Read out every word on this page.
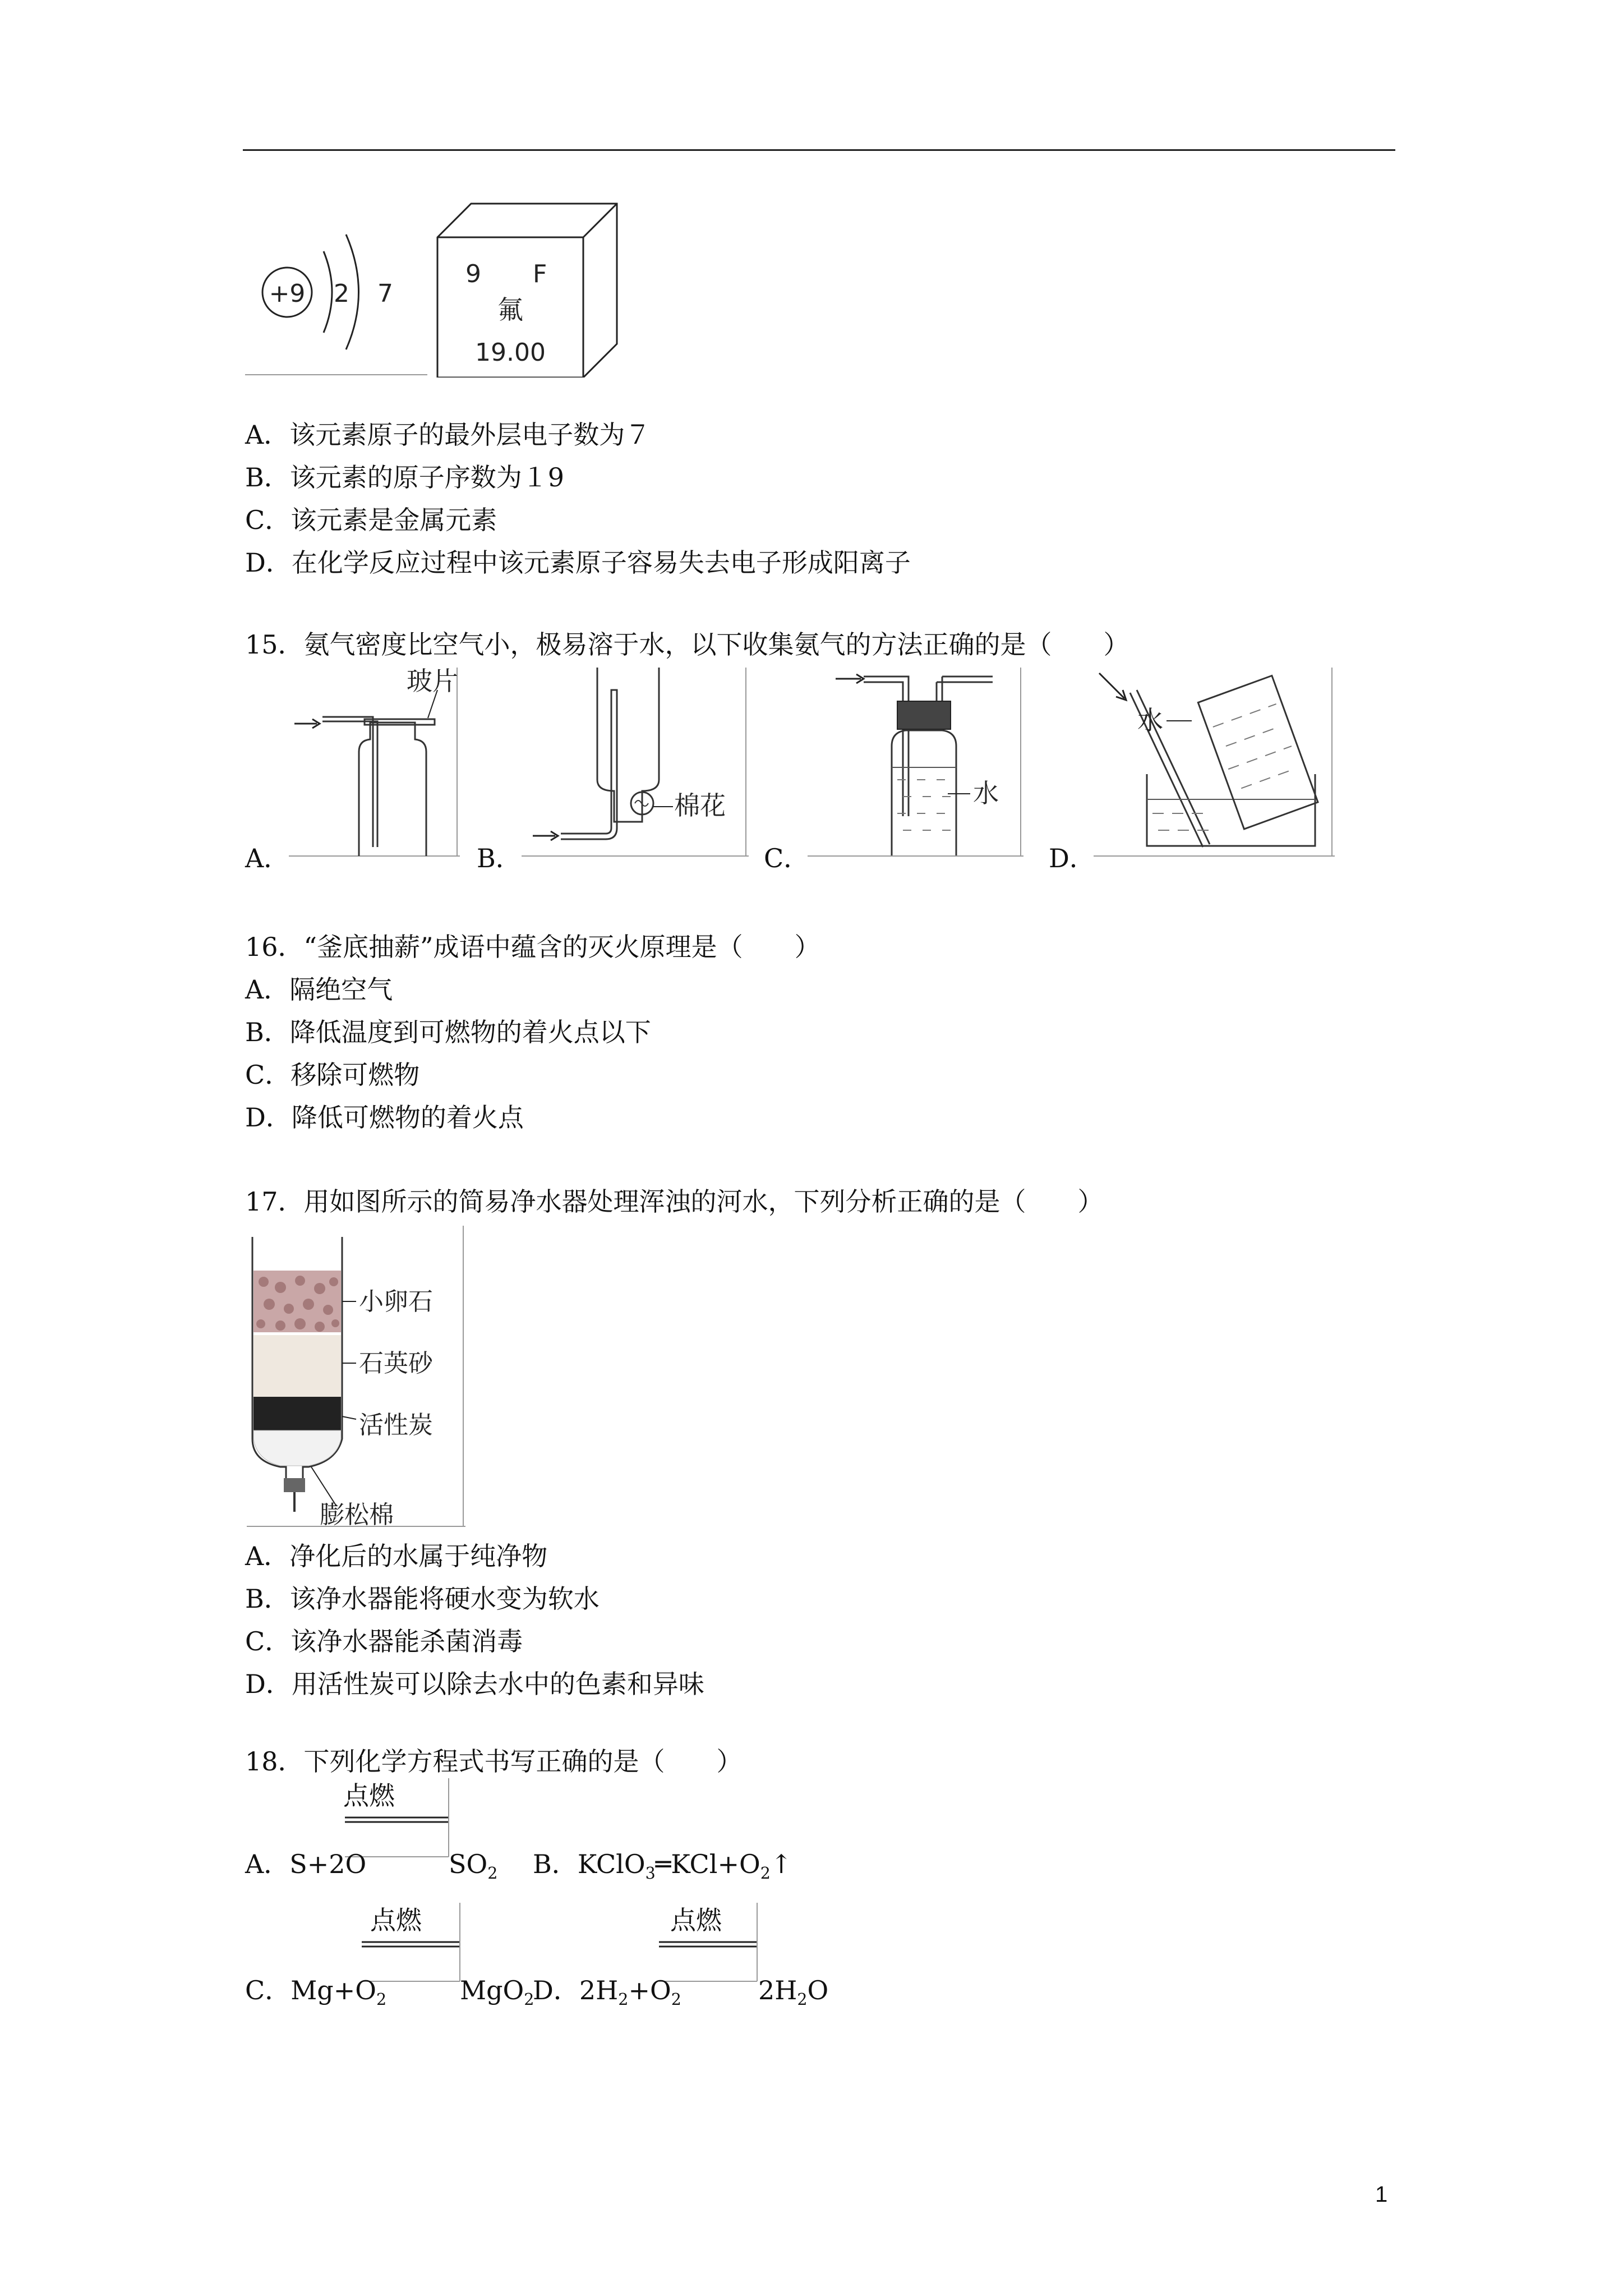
+9 2 7
9 F
氟
19.00
A．该元素原子的最外层电子数为７
B．该元素的原子序数为１9
C．该元素是金属元素
D．在化学反应过程中该元素原子容易失去电子形成阳离子
15．氨气密度比空气小，极易溶于水，以下收集氨气的方法正确的是（　　）
A．
玻片
B．
棉花
C．
水
D．
水
16．“釜底抽薪”成语中蕴含的灭火原理是（　　）
A．隔绝空气
B．降低温度到可燃物的着火点以下
C．移除可燃物
D．降低可燃物的着火点
17．用如图所示的简易净水器处理浑浊的河水，下列分析正确的是（　　）
小卵石
石英砂
活性炭
膨松棉
A．净化后的水属于纯净物
B．该净水器能将硬水变为软水
C．该净水器能杀菌消毒
D．用活性炭可以除去水中的色素和异味
18．下列化学方程式书写正确的是（　　）
点燃
A．S+2O	$SO_2$ B．$KClO_3═KCl+O_2↑$
点燃	点燃
C．$Mg+O_2$	MgO$_2$
D．$2H_2+O_2$	$2H_2O$
1
